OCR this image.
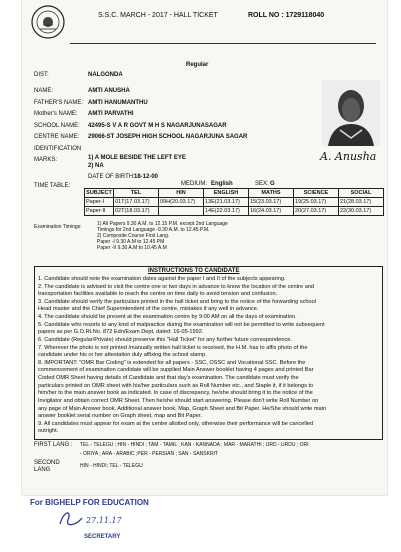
S.S.C. MARCH - 2017 - HALL TICKET	ROLL NO : 1729118040
Regular
DIST:	NALGONDA
NAME:	AMTI ANUSHA
FATHER'S NAME: AMTI HANUMANTHU
Mother's NAME: AMTI PARVATHI
SCHOOL NAME: 42495-S V A R GOVT M H S NAGARJUNASAGAR
CENTRE NAME: 29066-ST JOSEPH HIGH SCHOOL NAGARJUNA SAGAR
IDENTIFICATION
MARKS:	1) A MOLE BESIDE THE LEFT EYE
2) NA
A. Anusha
DATE OF BIRTH: 18-12-00
MEDIUM: English	SEX: G
TIME TABLE:
SUBJECT	TEL	HIN	ENGLISH	MATHS	SCIENCE	SOCIAL
Paper-I	01T(17.03.17)	09H(20.03.17)	13E(21.03.17)	15(23.03.17)	19(25.03.17)	21(28.03.17)
Paper-II	02T(18.03.17)		14E(22.03.17)	16(24.03.17)	20(27.03.17)	22(30.03.17)
Examination Timings:	1) All Papers 9.30 A.M. to 12.15 P.M. except 2nd Language
Timings for 2nd Language -9.30 A.M. to 12.45 P.M.
2) Composite Course First Lang.
Paper -I 9.30 A.M to 12.45 PM
Paper -II 9.30 A.M to 10.45 A.M
INSTRUCTIONS TO CANDIDATE
1. Candidate should note the examination dates against the paper I and II of the subjects appearing.
2. The candidate is advised to visit the centre one or two days in advance to know the location of the centre and
transportation facilities available to reach the centre on time daily to avoid tension and confusion.
3. Candidate should verify the particulars printed in the hall ticket and bring to the notice of the forwarding school
Head master and the Chief Superintendent of the centre, mistakes if any well in advance.
4. The candidate should be present at the examination centre by 9:00 AM on all the days of examination.
5. Candidate who resorts to any kind of malpractice during the examination will not be permitted to write subsequent
papers as per G.O.Rt.No. 872 Edn/Exam Dept, dated: 16-05-1992.
6. Candidate (Regular/Private) should preserve this "Hall Ticket" for any further future correspondence.
7. Wherever the photo is not printed /manually written hall ticket is received, the H.M. has to affix photo of the
candidate under his or her attestation duly affixing the school stamp.
8. IMPORTANT: "OMR Bar Coding" is extended for all papers - SSC, OSSC and Vocational SSC. Before the
commencement of examination candidate will be supplied Main Answer booklet having 4 pages and printed Bar
Coded OMR Sheet having details of Candidate and that day's examination. The candidate must verify the
particulars printed on OMR sheet with his/her particulars such as Roll Number etc., and Staple it, if it belongs to
him/her to the main answer book as indicated. In case of discrepancy, he/she should bring it to the notice of the
Invigilator and obtain correct OMR Sheet. Then he/she should start answering. Please don't write Roll Number on
any page of Main Answer book, Additional answer book, Map, Graph Sheet and Bit Paper. He/She should write main
answer booklet serial number on Graph sheet, map and Bit Paper.
9. All candidates must appear for exam at the centre allotted only, otherwise their performance will be cancelled
outright.
FIRST LANG : TEL - TELEGU ; HIN - HINDI ; TAM - TAMIL ; KAN - KANNADA ; MAR - MARATHI ; URD - URDU ; ORI
- ORIYA ; ARA - ARABIC ;PER - PERSIAN ; SAN - SANSKRIT
SECOND LANG
HIN - HINDI; TEL - TELEGU
For BIGHELP FOR EDUCATION
27.11.17
SECRETARY
